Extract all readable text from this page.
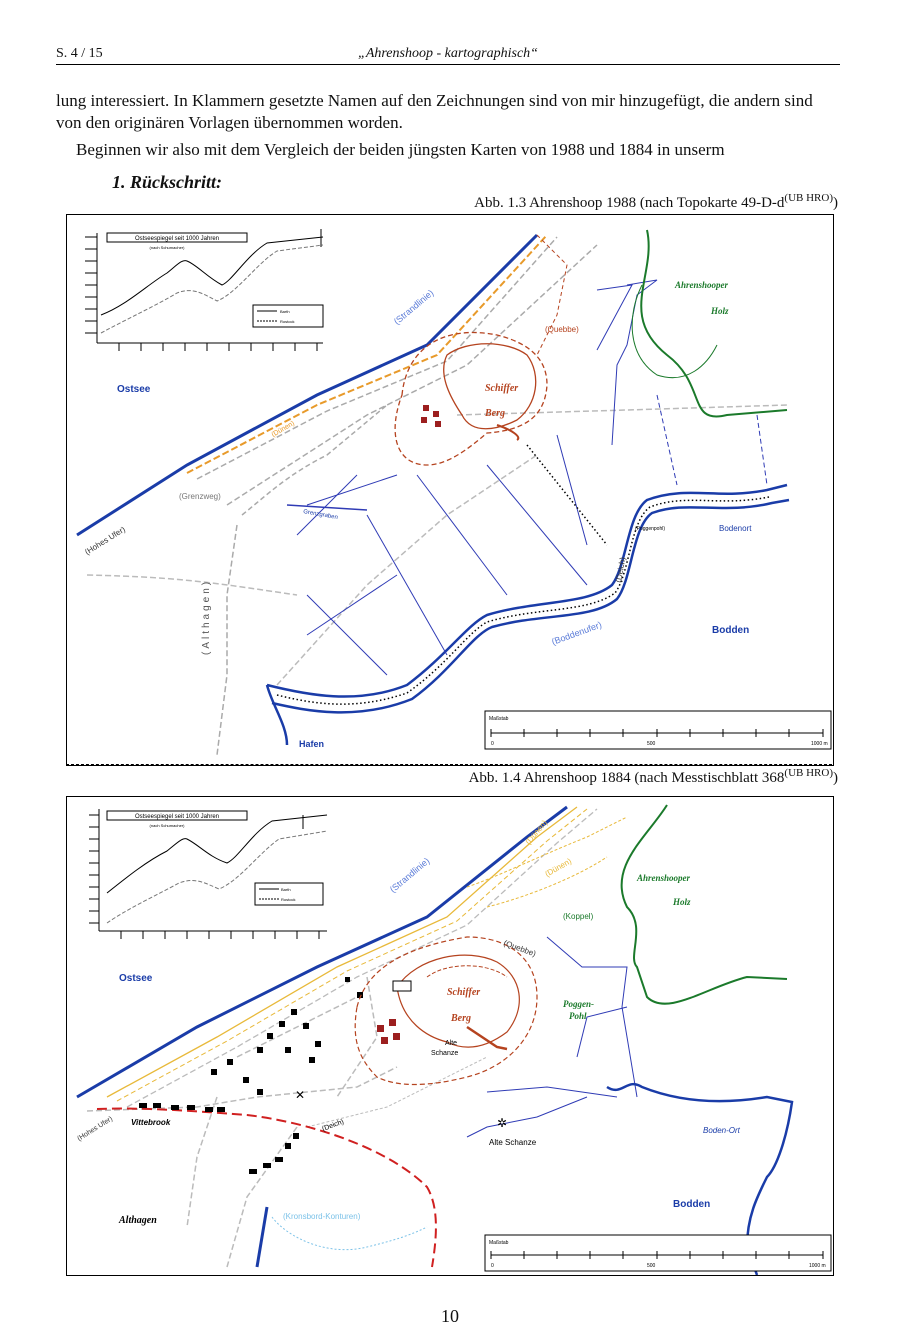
S. 4 / 15	„Ahrenshoop - kartographisch“
lung interessiert. In Klammern gesetzte Namen auf den Zeichnungen sind von mir hinzugefügt, die andern sind von den originären Vorlagen übernommen worden.
Beginnen wir also mit dem Vergleich der beiden jüngsten Karten von 1988 und 1884 in unserm
1. Rückschritt:
Abb. 1.3 Ahrenshoop 1988 (nach Topokarte $49-D-d^{(UB HRO)}$)
Ostseespiegel seit 1000 Jahren
(nach Schumacher)
Barth
Rostock
Ostsee
(Strandlinie)
(Dünen)
(Quebbe)
Schiffer
Berg
Ahrenshooper
Holz
(Grenzweg)
(Hohes Ufer)
(Althagen)
Grenzgraben
(Poggenpohl)	Bodenort
(Deich)
Bodden
(Boddenufer)
Hafen
Maßstab
0	500	1000 m
Abb. 1.4 Ahrenshoop 1884 (nach Messtischblatt $368^{(UB HRO)}$)
Ostseespiegel seit 1000 Jahren
(nach Schumacher)
Barth
Rostock
✕
Ostsee
(Strandlinie)
(Dünen)
(Dünen)	Ahrenshooper
Holz
(Koppel)
(Quebbe)
Schiffer
Berg
Poggen-
Pohl
Alte
Schanze
(Hohes Ufer) Vittebrook	(Deich)	✲
Alte Schanze
Boden-Ort
Althagen	(Kronsbord-Konturen)
Bodden
Maßstab
0	500	1000 m
10
